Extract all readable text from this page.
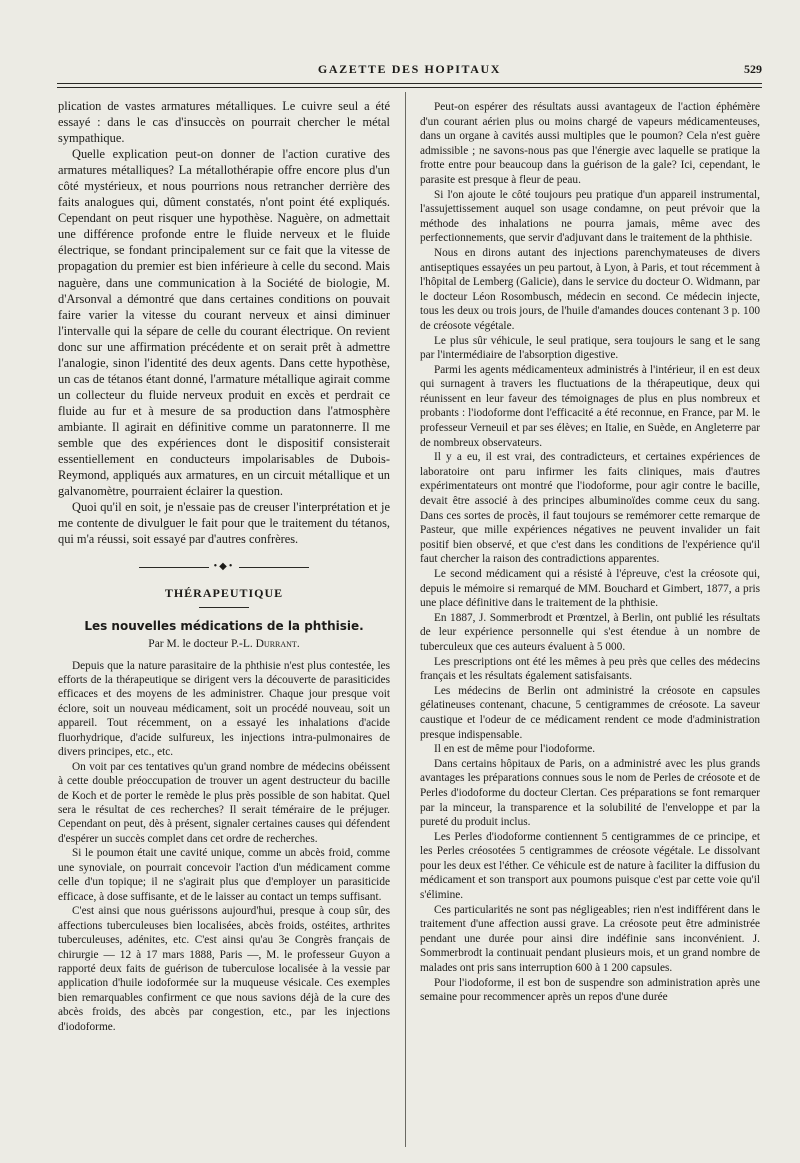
GAZETTE DES HOPITAUX	529

plication de vastes armatures métalliques. Le cuivre seul a été essayé : dans le cas d'insuccès on pourrait chercher le métal sympathique.

Quelle explication peut-on donner de l'action curative des armatures métalliques? La métallothérapie offre encore plus d'un côté mystérieux, et nous pourrions nous retrancher derrière des faits analogues qui, dûment constatés, n'ont point été expliqués. Cependant on peut risquer une hypothèse. Naguère, on admettait une différence profonde entre le fluide nerveux et le fluide électrique, se fondant principalement sur ce fait que la vitesse de propagation du premier est bien inférieure à celle du second. Mais naguère, dans une communication à la Société de biologie, M. d'Arsonval a démontré que dans certaines conditions on pouvait faire varier la vitesse du courant nerveux et ainsi diminuer l'intervalle qui la sépare de celle du courant électrique. On revient donc sur une affirmation précédente et on serait prêt à admettre l'analogie, sinon l'identité des deux agents. Dans cette hypothèse, un cas de tétanos étant donné, l'armature métallique agirait comme un collecteur du fluide nerveux produit en excès et perdrait ce fluide au fur et à mesure de sa production dans l'atmosphère ambiante. Il agirait en définitive comme un paratonnerre. Il me semble que des expériences dont le dispositif consisterait essentiellement en conducteurs impolarisables de Dubois-Reymond, appliqués aux armatures, en un circuit métallique et un galvanomètre, pourraient éclairer la question.

Quoi qu'il en soit, je n'essaie pas de creuser l'interprétation et je me contente de divulguer le fait pour que le traitement du tétanos, qui m'a réussi, soit essayé par d'autres confrères.

•◆•
THÉRAPEUTIQUE
Les nouvelles médications de la phthisie.
Par M. le docteur P.-L. Durrant.

Depuis que la nature parasitaire de la phthisie n'est plus contestée, les efforts de la thérapeutique se dirigent vers la découverte de parasiticides efficaces et des moyens de les administrer. Chaque jour presque voit éclore, soit un nouveau médicament, soit un procédé nouveau, soit un appareil. Tout récemment, on a essayé les inhalations d'acide fluorhydrique, d'acide sulfureux, les injections intra-pulmonaires de divers principes, etc., etc.

On voit par ces tentatives qu'un grand nombre de médecins obéissent à cette double préoccupation de trouver un agent destructeur du bacille de Koch et de porter le remède le plus près possible de son habitat. Quel sera le résultat de ces recherches? Il serait téméraire de le préjuger. Cependant on peut, dès à présent, signaler certaines causes qui défendent d'espérer un succès complet dans cet ordre de recherches.

Si le poumon était une cavité unique, comme un abcès froid, comme une synoviale, on pourrait concevoir l'action d'un médicament comme celle d'un topique; il ne s'agirait plus que d'employer un parasiticide efficace, à dose suffisante, et de le laisser au contact un temps suffisant.

C'est ainsi que nous guérissons aujourd'hui, presque à coup sûr, des affections tuberculeuses bien localisées, abcès froids, ostéites, arthrites tuberculeuses, adénites, etc. C'est ainsi qu'au 3e Congrès français de chirurgie — 12 à 17 mars 1888, Paris —, M. le professeur Guyon a rapporté deux faits de guérison de tuberculose localisée à la vessie par application d'huile iodoformée sur la muqueuse vésicale. Ces exemples bien remarquables confirment ce que nous savions déjà de la cure des abcès froids, des abcès par congestion, etc., par les injections d'iodoforme.

Peut-on espérer des résultats aussi avantageux de l'action éphémère d'un courant aérien plus ou moins chargé de vapeurs médicamenteuses, dans un organe à cavités aussi multiples que le poumon? Cela n'est guère admissible ; ne savons-nous pas que l'énergie avec laquelle se pratique la frotte entre pour beaucoup dans la guérison de la gale? Ici, cependant, le parasite est presque à fleur de peau.

Si l'on ajoute le côté toujours peu pratique d'un appareil instrumental, l'assujettissement auquel son usage condamne, on peut prévoir que la méthode des inhalations ne pourra jamais, même avec des perfectionnements, que servir d'adjuvant dans le traitement de la phthisie.

Nous en dirons autant des injections parenchymateuses de divers antiseptiques essayées un peu partout, à Lyon, à Paris, et tout récemment à l'hôpital de Lemberg (Galicie), dans le service du docteur O. Widmann, par le docteur Léon Rosombusch, médecin en second. Ce médecin injecte, tous les deux ou trois jours, de l'huile d'amandes douces contenant 3 p. 100 de créosote végétale.

Le plus sûr véhicule, le seul pratique, sera toujours le sang et le sang par l'intermédiaire de l'absorption digestive.

Parmi les agents médicamenteux administrés à l'intérieur, il en est deux qui surnagent à travers les fluctuations de la thérapeutique, deux qui réunissent en leur faveur des témoignages de plus en plus nombreux et probants : l'iodoforme dont l'efficacité a été reconnue, en France, par M. le professeur Verneuil et par ses élèves; en Italie, en Suède, en Angleterre par de nombreux observateurs.

Il y a eu, il est vrai, des contradicteurs, et certaines expériences de laboratoire ont paru infirmer les faits cliniques, mais d'autres expérimentateurs ont montré que l'iodoforme, pour agir contre le bacille, devait être associé à des principes albuminoïdes comme ceux du sang. Dans ces sortes de procès, il faut toujours se remémorer cette remarque de Pasteur, que mille expériences négatives ne peuvent invalider un fait positif bien observé, et que c'est dans les conditions de l'expérience qu'il faut chercher la raison des contradictions apparentes.

Le second médicament qui a résisté à l'épreuve, c'est la créosote qui, depuis le mémoire si remarqué de MM. Bouchard et Gimbert, 1877, a pris une place définitive dans le traitement de la phthisie.

En 1887, J. Sommerbrodt et Prœntzel, à Berlin, ont publié les résultats de leur expérience personnelle qui s'est étendue à un nombre de tuberculeux que ces auteurs évaluent à 5 000.

Les prescriptions ont été les mêmes à peu près que celles des médecins français et les résultats également satisfaisants.

Les médecins de Berlin ont administré la créosote en capsules gélatineuses contenant, chacune, 5 centigrammes de créosote. La saveur caustique et l'odeur de ce médicament rendent ce mode d'administration presque indispensable.

Il en est de même pour l'iodoforme.

Dans certains hôpitaux de Paris, on a administré avec les plus grands avantages les préparations connues sous le nom de Perles de créosote et de Perles d'iodoforme du docteur Clertan. Ces préparations se font remarquer par la minceur, la transparence et la solubilité de l'enveloppe et par la pureté du produit inclus.

Les Perles d'iodoforme contiennent 5 centigrammes de ce principe, et les Perles créosotées 5 centigrammes de créosote végétale. Le dissolvant pour les deux est l'éther. Ce véhicule est de nature à faciliter la diffusion du médicament et son transport aux poumons puisque c'est par cette voie qu'il s'élimine.

Ces particularités ne sont pas négligeables; rien n'est indifférent dans le traitement d'une affection aussi grave. La créosote peut être administrée pendant une durée pour ainsi dire indéfinie sans inconvénient. J. Sommerbrodt la continuait pendant plusieurs mois, et un grand nombre de malades ont pris sans interruption 600 à 1 200 capsules.

Pour l'iodoforme, il est bon de suspendre son administration après une semaine pour recommencer après un repos d'une durée
